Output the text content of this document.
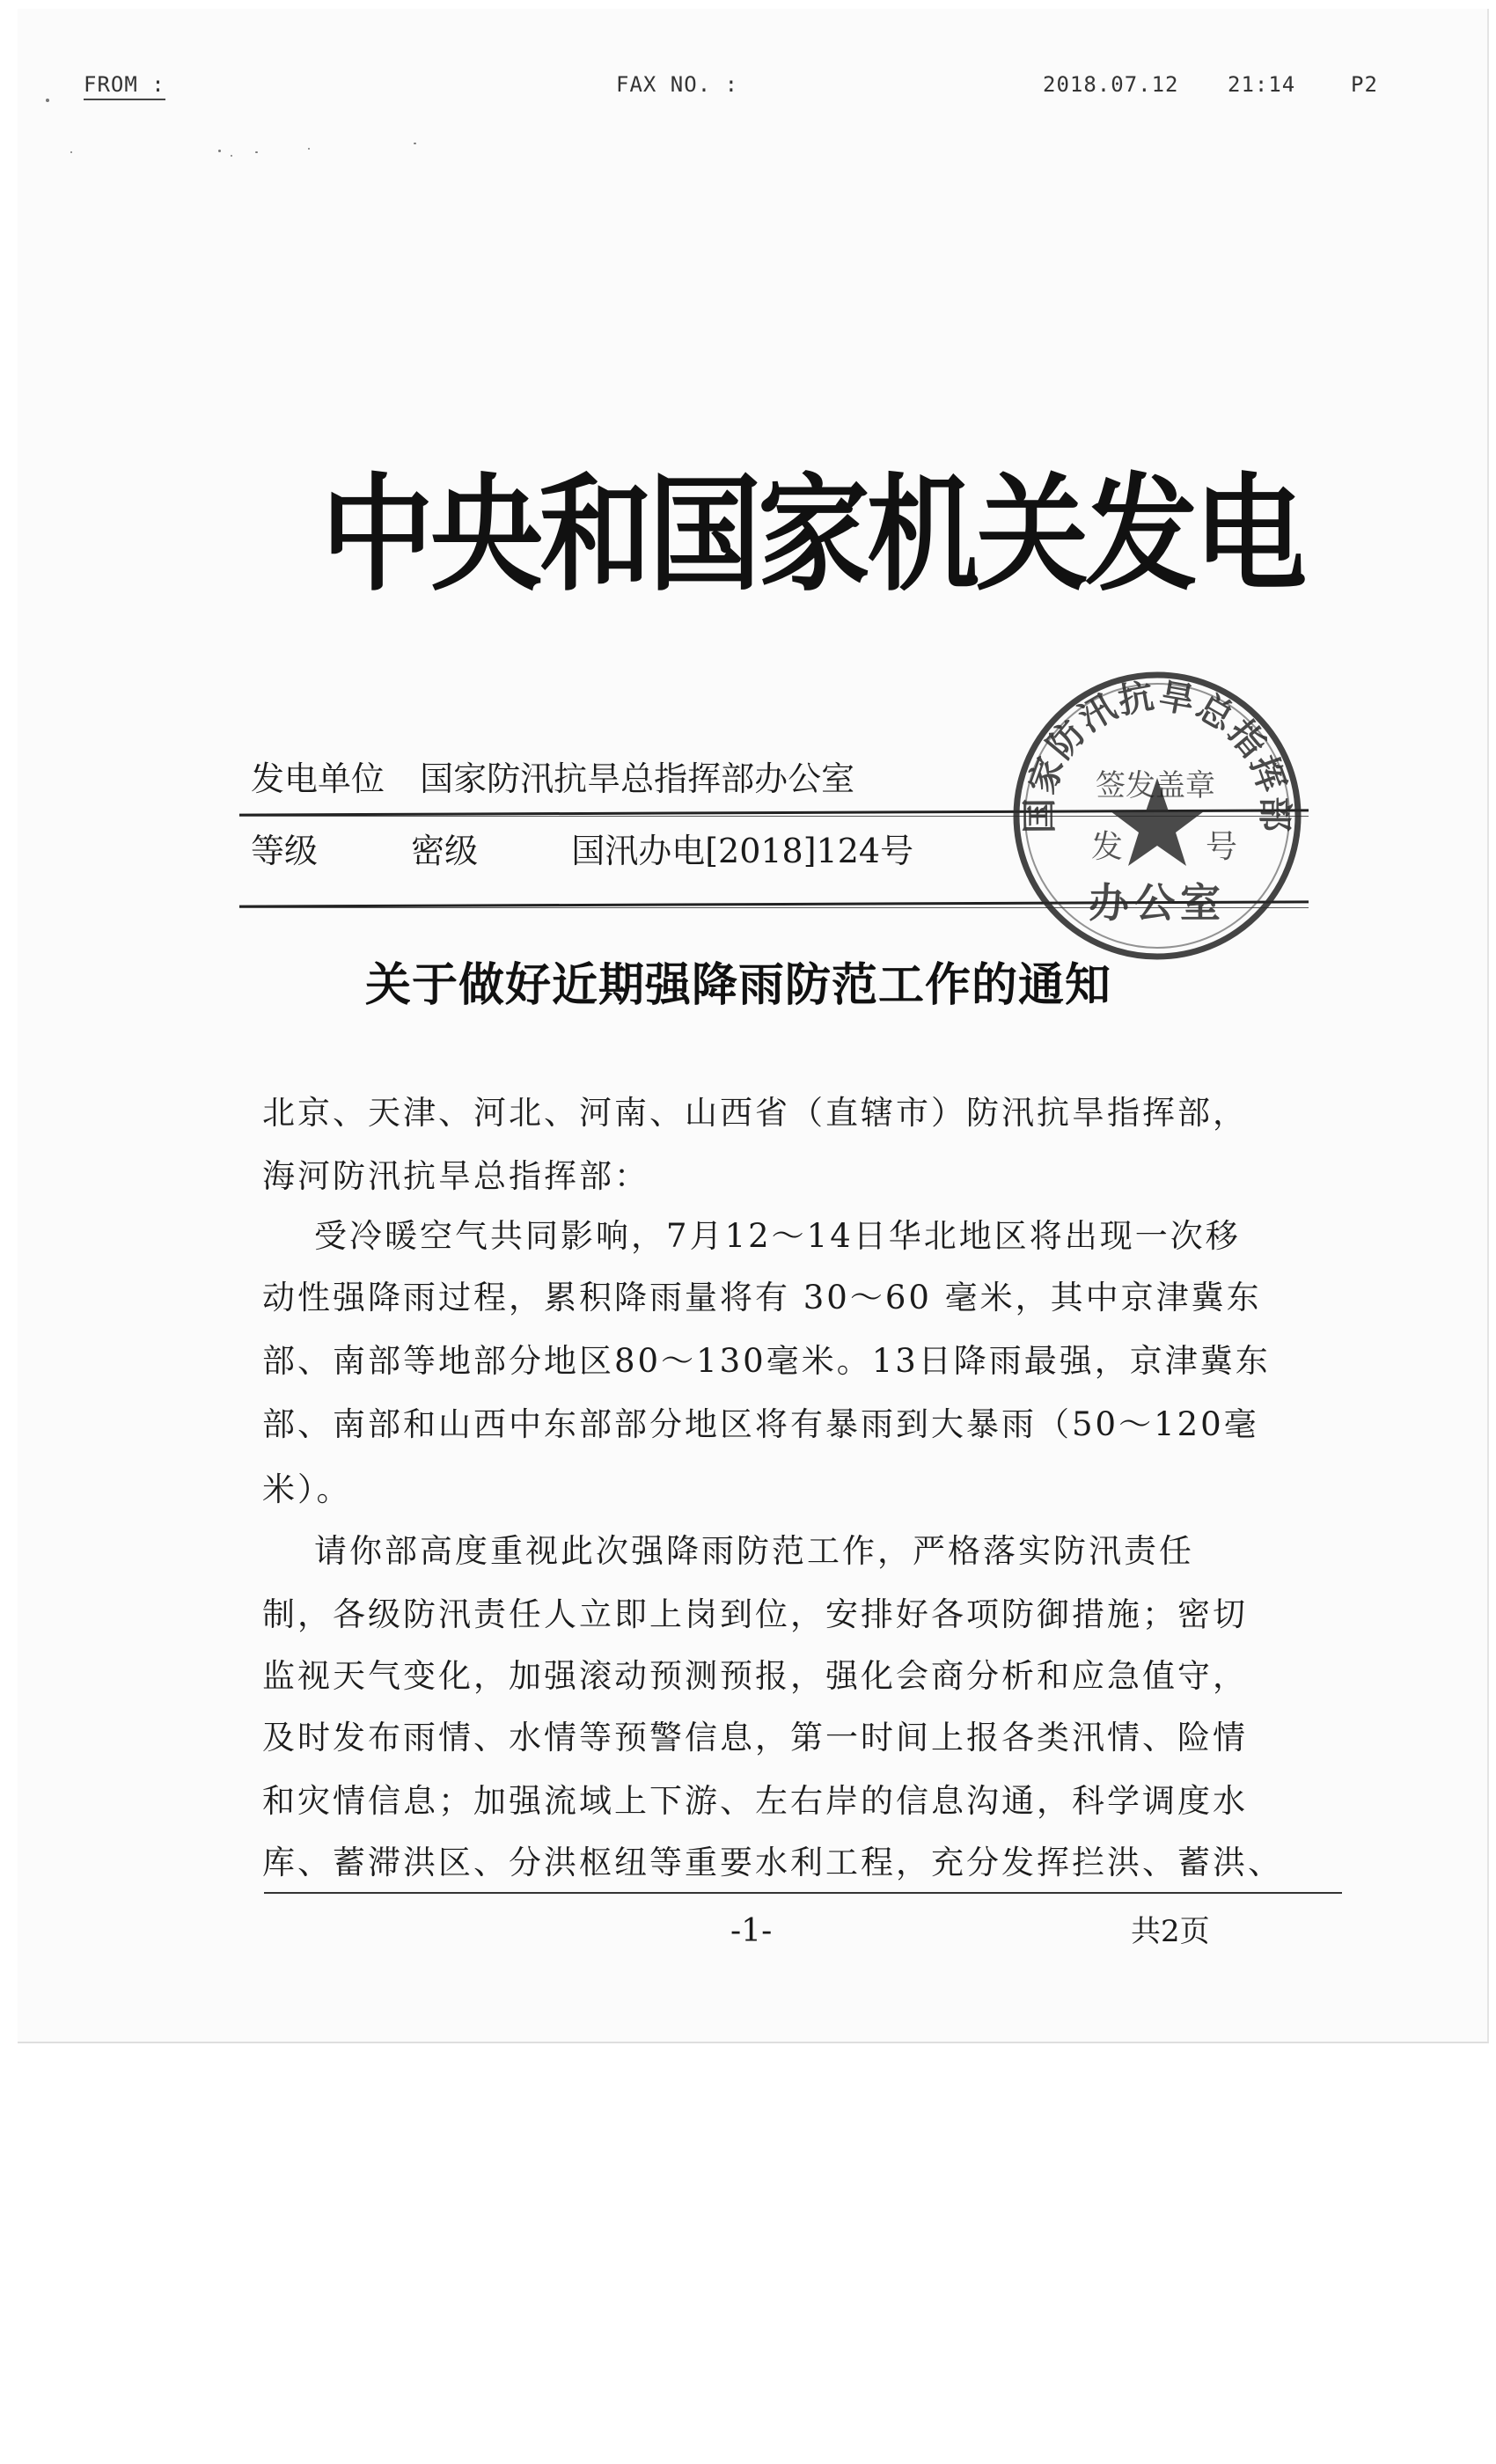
FROM :	FAX NO. :	2018.07.12 21:14	P2
中央和国家机关发电
发电单位 国家防汛抗旱总指挥部办公室
等级	密级	国汛办电[2018]124号
国家防汛抗旱总指挥部
办公室
签发盖章
发	号
关于做好近期强降雨防范工作的通知
北京、天津、河北、河南、山西省（直辖市）防汛抗旱指挥部，
海河防汛抗旱总指挥部：
受冷暖空气共同影响，7月12～14日华北地区将出现一次移
动性强降雨过程，累积降雨量将有 30～60 毫米，其中京津冀东
部、南部等地部分地区80～130毫米。13日降雨最强，京津冀东
部、南部和山西中东部部分地区将有暴雨到大暴雨（50～120毫
米）。
请你部高度重视此次强降雨防范工作，严格落实防汛责任
制，各级防汛责任人立即上岗到位，安排好各项防御措施；密切
监视天气变化，加强滚动预测预报，强化会商分析和应急值守，
及时发布雨情、水情等预警信息，第一时间上报各类汛情、险情
和灾情信息；加强流域上下游、左右岸的信息沟通，科学调度水
库、蓄滞洪区、分洪枢纽等重要水利工程，充分发挥拦洪、蓄洪、
-1-	共2页
